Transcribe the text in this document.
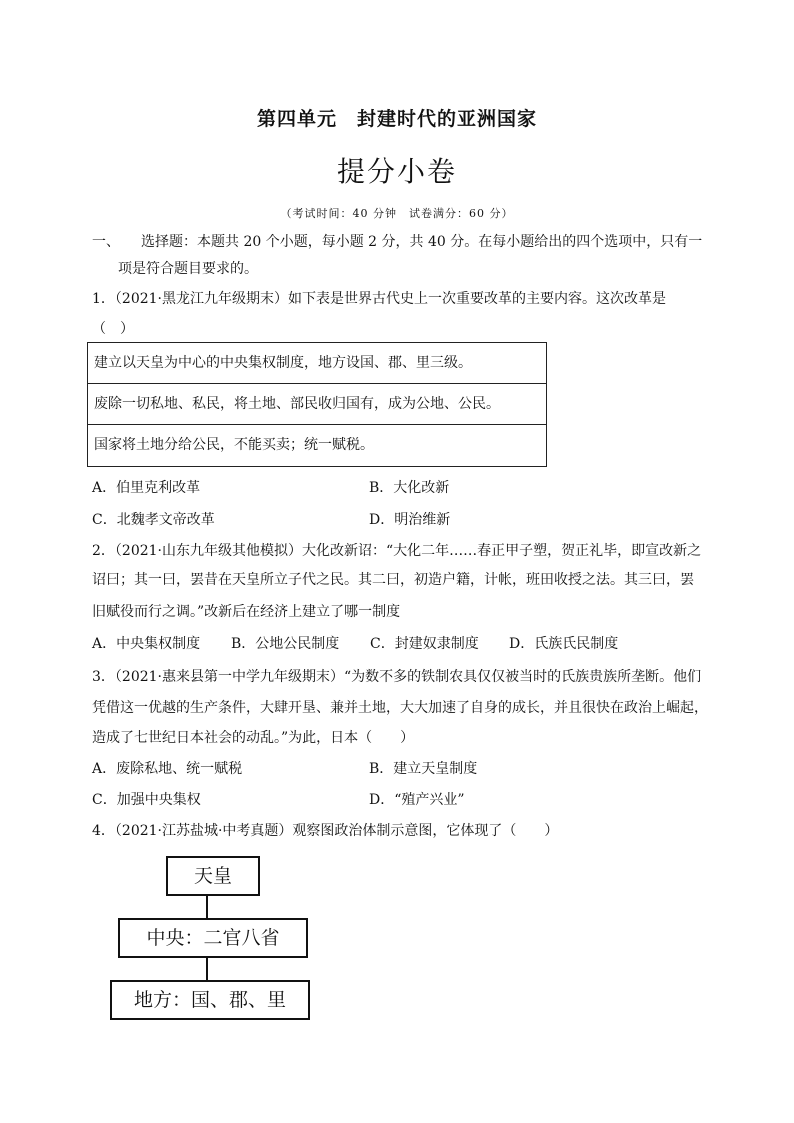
第四单元　封建时代的亚洲国家
提分小卷
（考试时间：40 分钟　试卷满分：60 分）
一、　　选择题：本题共 20 个小题，每小题 2 分，共 40 分。在每小题给出的四个选项中，只有一
项是符合题目要求的。
1．（2021·黑龙江九年级期末）如下表是世界古代史上一次重要改革的主要内容。这次改革是
（　）
建立以天皇为中心的中央集权制度，地方设国、郡、里三级。
废除一切私地、私民，将土地、部民收归国有，成为公地、公民。
国家将土地分给公民，不能买卖；统一赋税。
A．伯里克利改革	B．大化改新
C．北魏孝文帝改革	D．明治维新
2．（2021·山东九年级其他模拟）大化改新诏：“大化二年……春正甲子塑，贺正礼毕，即宣改新之
诏曰；其一曰，罢昔在天皇所立子代之民。其二曰，初造户籍，计帐，班田收授之法。其三曰，罢
旧赋役而行之调。”改新后在经济上建立了哪一制度
A．中央集权制度 B．公地公民制度 C．封建奴隶制度 D．氏族氏民制度
3．（2021·惠来县第一中学九年级期末）“为数不多的铁制农具仅仅被当时的氏族贵族所垄断。他们
凭借这一优越的生产条件，大肆开垦、兼并土地，大大加速了自身的成长，并且很快在政治上崛起，
造成了七世纪日本社会的动乱。”为此，日本（　　）
A．废除私地、统一赋税	B．建立天皇制度
C．加强中央集权	D．“殖产兴业”
4．（2021·江苏盐城·中考真题）观察图政治体制示意图，它体现了（　　）
天皇
中央：二官八省
地方：国、郡、里
